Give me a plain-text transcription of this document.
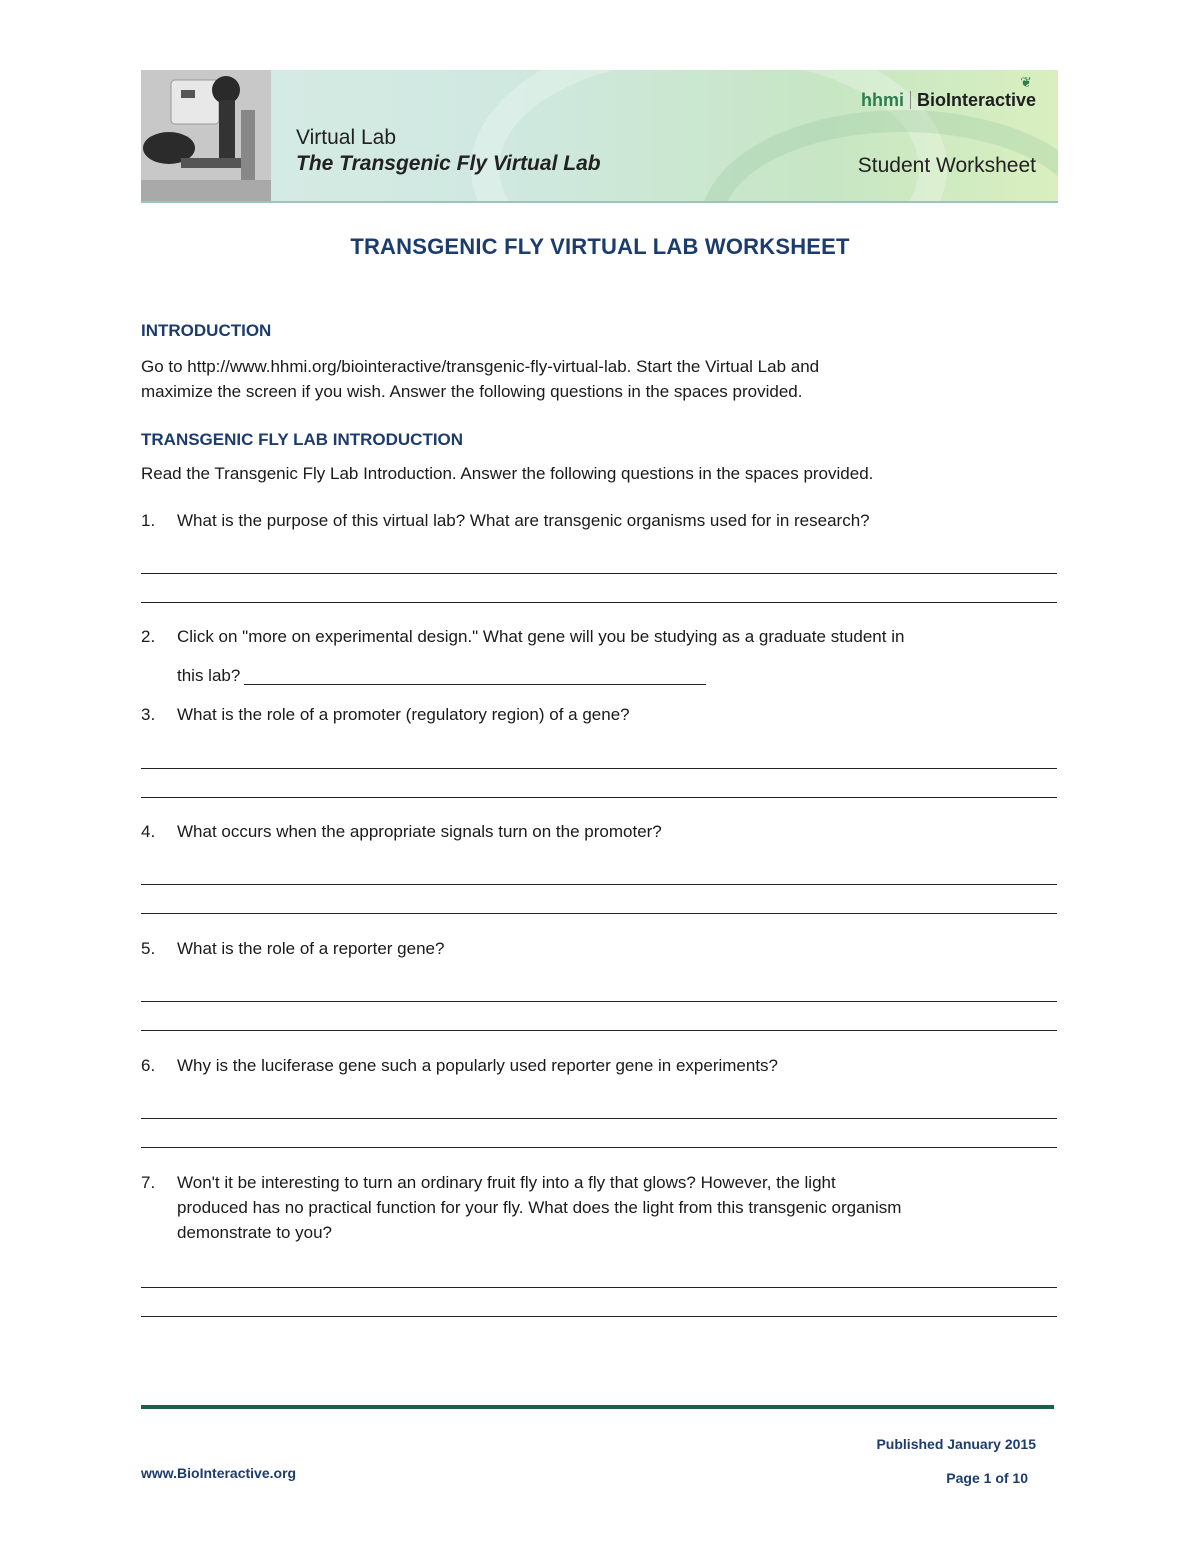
Virtual Lab
The Transgenic Fly Virtual Lab
❦
hhmi BioInteractive
Student Worksheet
TRANSGENIC FLY VIRTUAL LAB WORKSHEET
INTRODUCTION
Go to http://www.hhmi.org/biointeractive/transgenic-fly-virtual-lab. Start the Virtual Lab and
maximize the screen if you wish. Answer the following questions in the spaces provided.
TRANSGENIC FLY LAB INTRODUCTION
Read the Transgenic Fly Lab Introduction. Answer the following questions in the spaces provided.
1. What is the purpose of this virtual lab? What are transgenic organisms used for in research?
2. Click on "more on experimental design." What gene will you be studying as a graduate student in
this lab?
3. What is the role of a promoter (regulatory region) of a gene?
4. What occurs when the appropriate signals turn on the promoter?
5. What is the role of a reporter gene?
6. Why is the luciferase gene such a popularly used reporter gene in experiments?
7. Won't it be interesting to turn an ordinary fruit fly into a fly that glows? However, the light
produced has no practical function for your fly. What does the light from this transgenic organism
demonstrate to you?
Published January 2015
www.BioInteractive.org	Page 1 of 10
